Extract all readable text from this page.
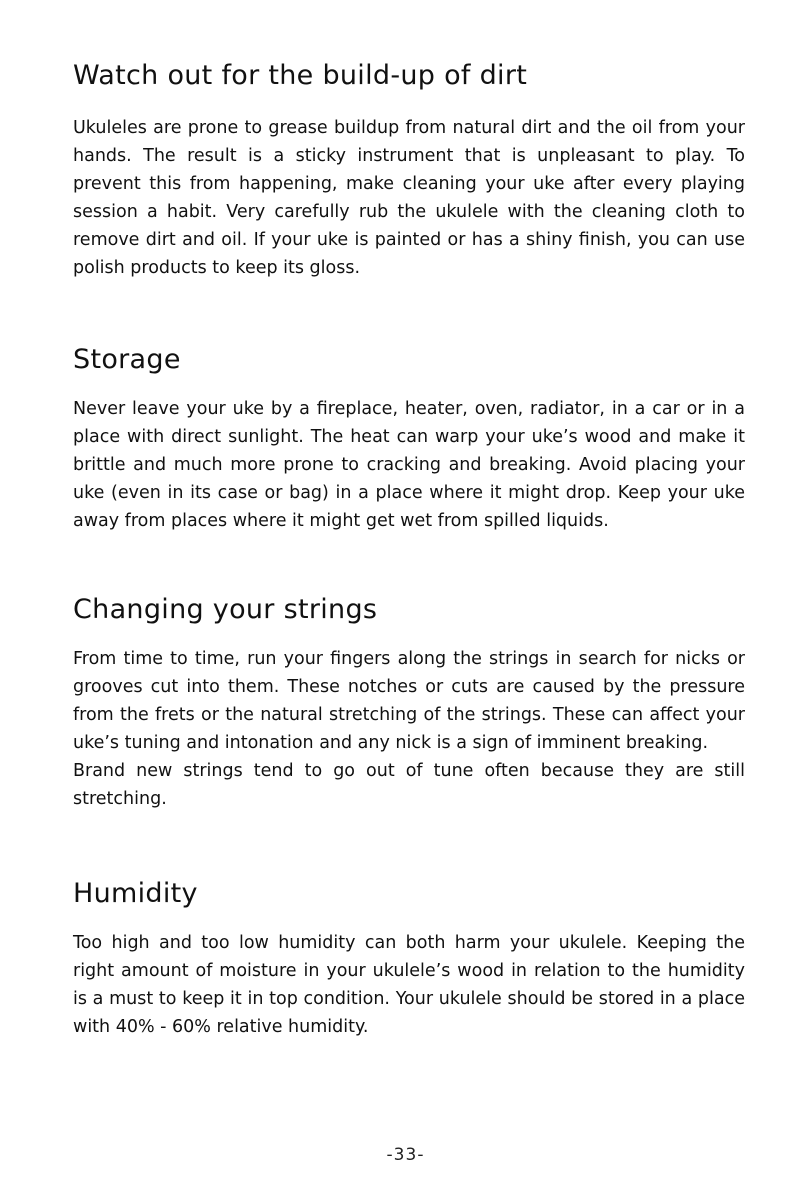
Watch out for the build-up of dirt

Ukuleles are prone to grease buildup from natural dirt and the oil from your hands. The result is a sticky instrument that is unpleasant to play. To prevent this from happening, make cleaning your uke after every playing session a habit. Very carefully rub the ukulele with the cleaning cloth to remove dirt and oil. If your uke is painted or has a shiny finish, you can use polish products to keep its gloss.

Storage

Never leave your uke by a fireplace, heater, oven, radiator, in a car or in a place with direct sunlight. The heat can warp your uke’s wood and make it brittle and much more prone to cracking and breaking. Avoid placing your uke (even in its case or bag) in a place where it might drop. Keep your uke away from places where it might get wet from spilled liquids.

Changing your strings

From time to time, run your fingers along the strings in search for nicks or grooves cut into them. These notches or cuts are caused by the pressure from the frets or the natural stretching of the strings. These can affect your uke’s tuning and intonation and any nick is a sign of imminent breaking.

Brand new strings tend to go out of tune often because they are still stretching.

Humidity

Too high and too low humidity can both harm your ukulele. Keeping the right amount of moisture in your ukulele’s wood in relation to the humidity is a must to keep it in top condition. Your ukulele should be stored in a place with 40% - 60% relative humidity.

-33-
